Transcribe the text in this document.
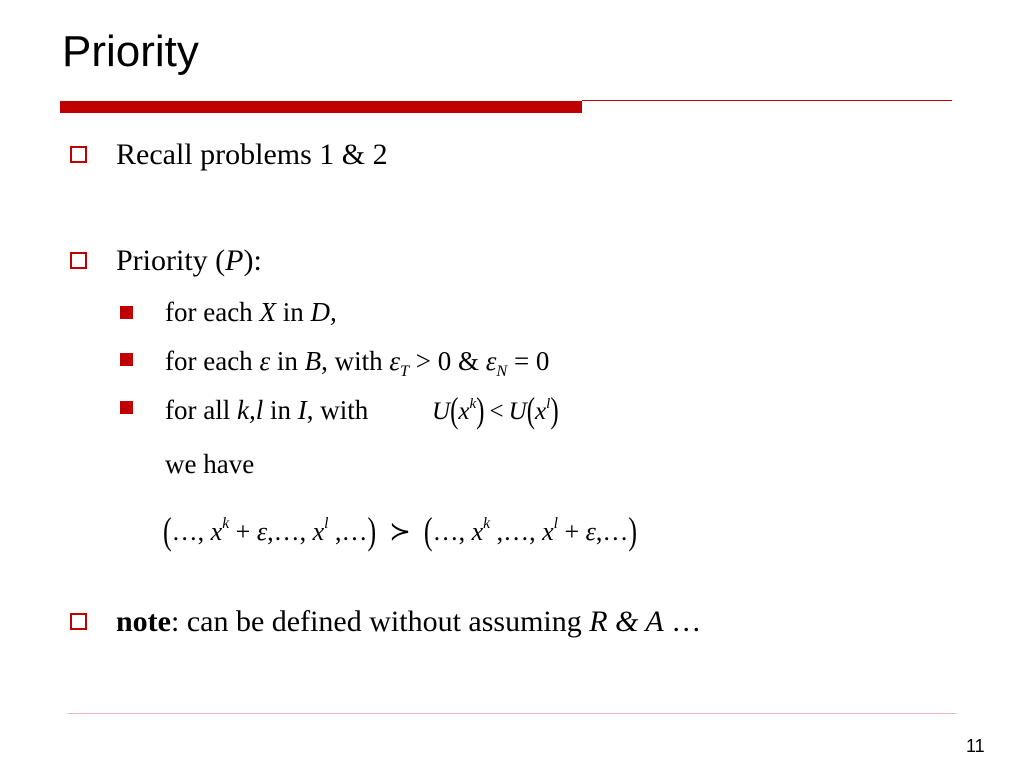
Priority
Recall problems 1 & 2
Priority (P):
for each X in D,
for each ε in B, with $\varepsilon_T > 0$ & $\varepsilon_N = 0$
for all k,l in I, with	$U(x^k) < U(x^l)$
we have
(…, $x^k$ + ε,…, $x^l$ ,…) ≻ (…, $x^k$ ,…, $x^l$ + ε,…)
note: can be defined without assuming R & A …
11
